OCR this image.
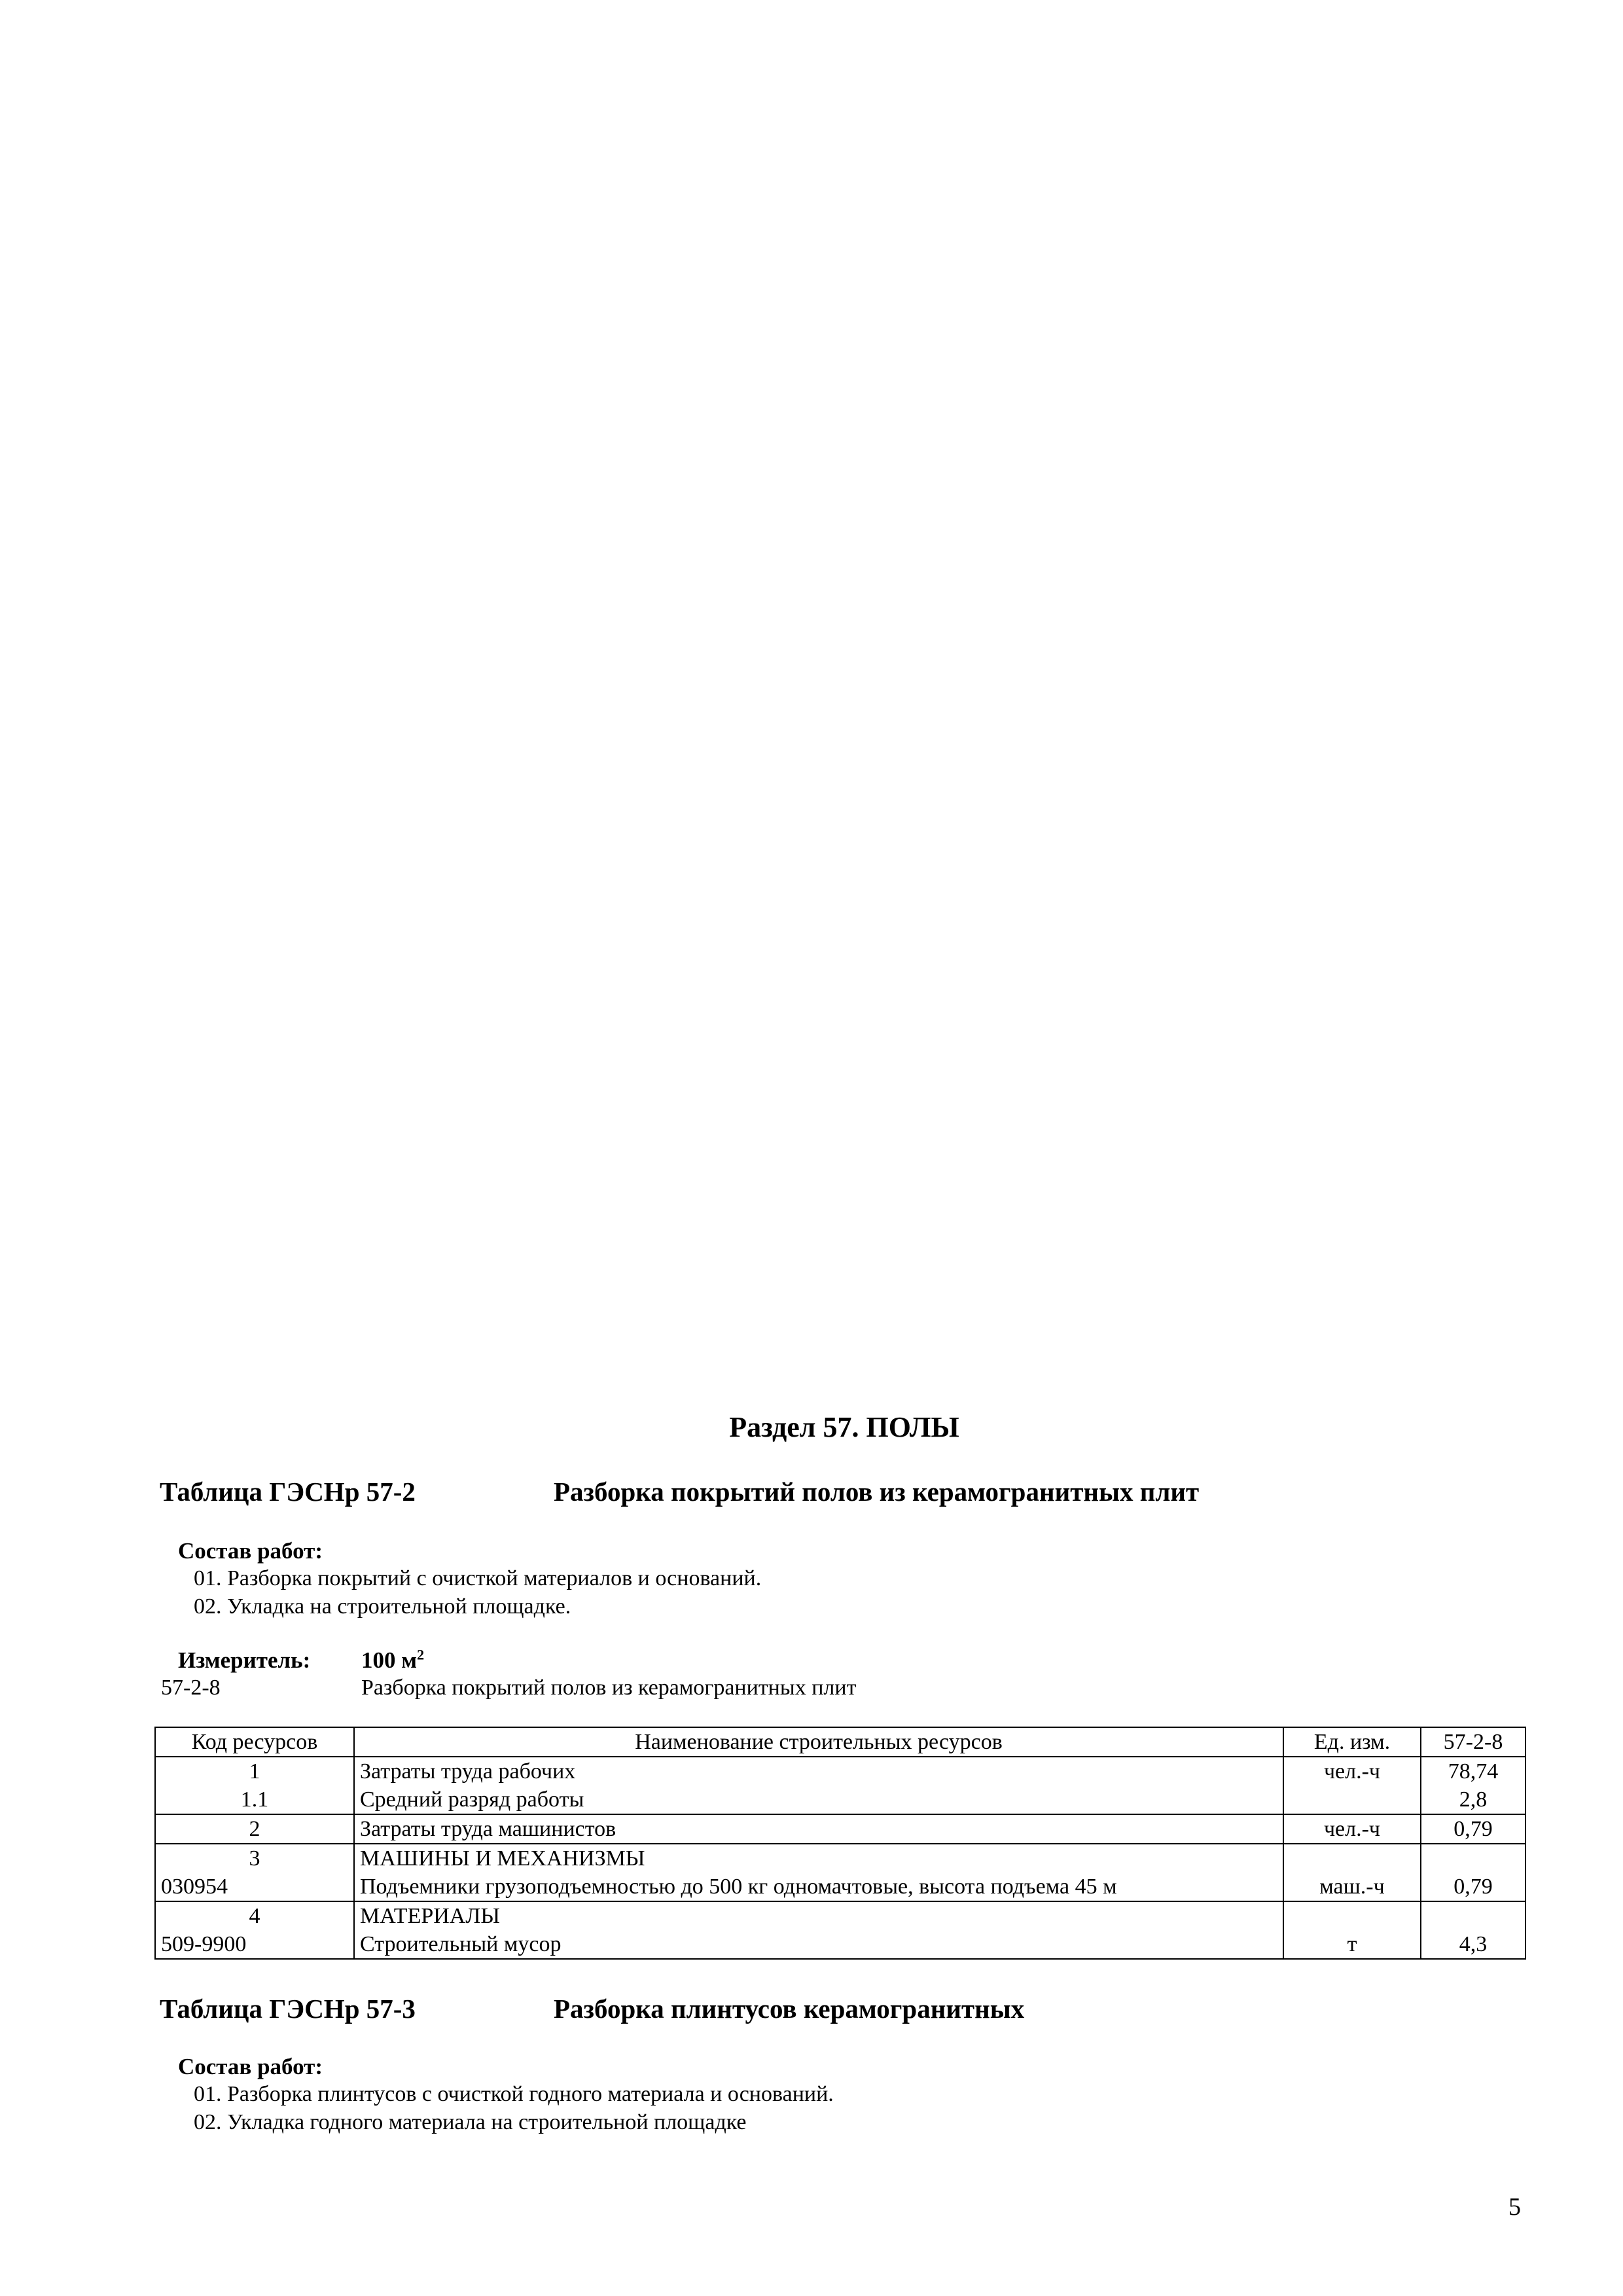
Раздел 57. ПОЛЫ
Таблица ГЭСНр 57-2	Разборка покрытий полов из керамогранитных плит
Состав работ:
01. Разборка покрытий с очисткой материалов и оснований.
02. Укладка на строительной площадке.
Измеритель: 100 $м^2$
57-2-8	Разборка покрытий полов из керамогранитных плит
Код ресурсов	Наименование строительных ресурсов	Ед. изм.	57-2-8
1	Затраты труда рабочих	чел.-ч	78,74
1.1	Средний разряд работы		2,8
2	Затраты труда машинистов	чел.-ч	0,79
3	МАШИНЫ И МЕХАНИЗМЫ		
030954	Подъемники грузоподъемностью до 500 кг одномачтовые, высота подъема 45 м	маш.-ч	0,79
4	МАТЕРИАЛЫ		
509-9900	Строительный мусор	т	4,3
Таблица ГЭСНр 57-3	Разборка плинтусов керамогранитных
Состав работ:
01. Разборка плинтусов с очисткой годного материала и оснований.
02. Укладка годного материала на строительной площадке
5
